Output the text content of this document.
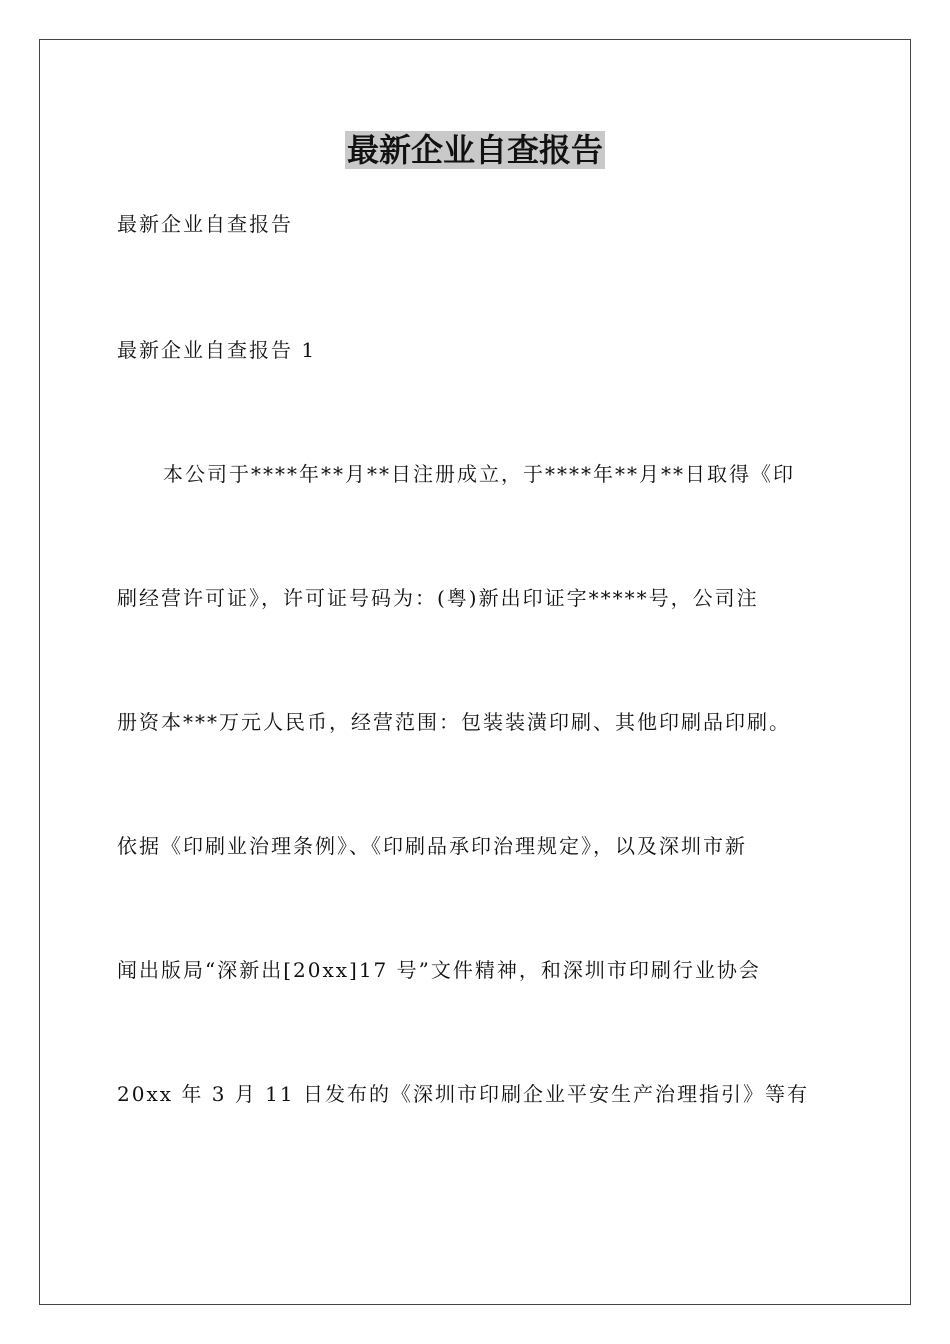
最新企业自查报告
最新企业自查报告
最新企业自查报告 1
本公司于****年**月**日注册成立，于****年**月**日取得《印
刷经营许可证》，许可证号码为：(粤)新出印证字*****号，公司注
册资本***万元人民币，经营范围：包装装潢印刷、其他印刷品印刷。
依据《印刷业治理条例》、《印刷品承印治理规定》，以及深圳市新
闻出版局“深新出[20xx]17 号”文件精神，和深圳市印刷行业协会
20xx 年 3 月 11 日发布的《深圳市印刷企业平安生产治理指引》等有
